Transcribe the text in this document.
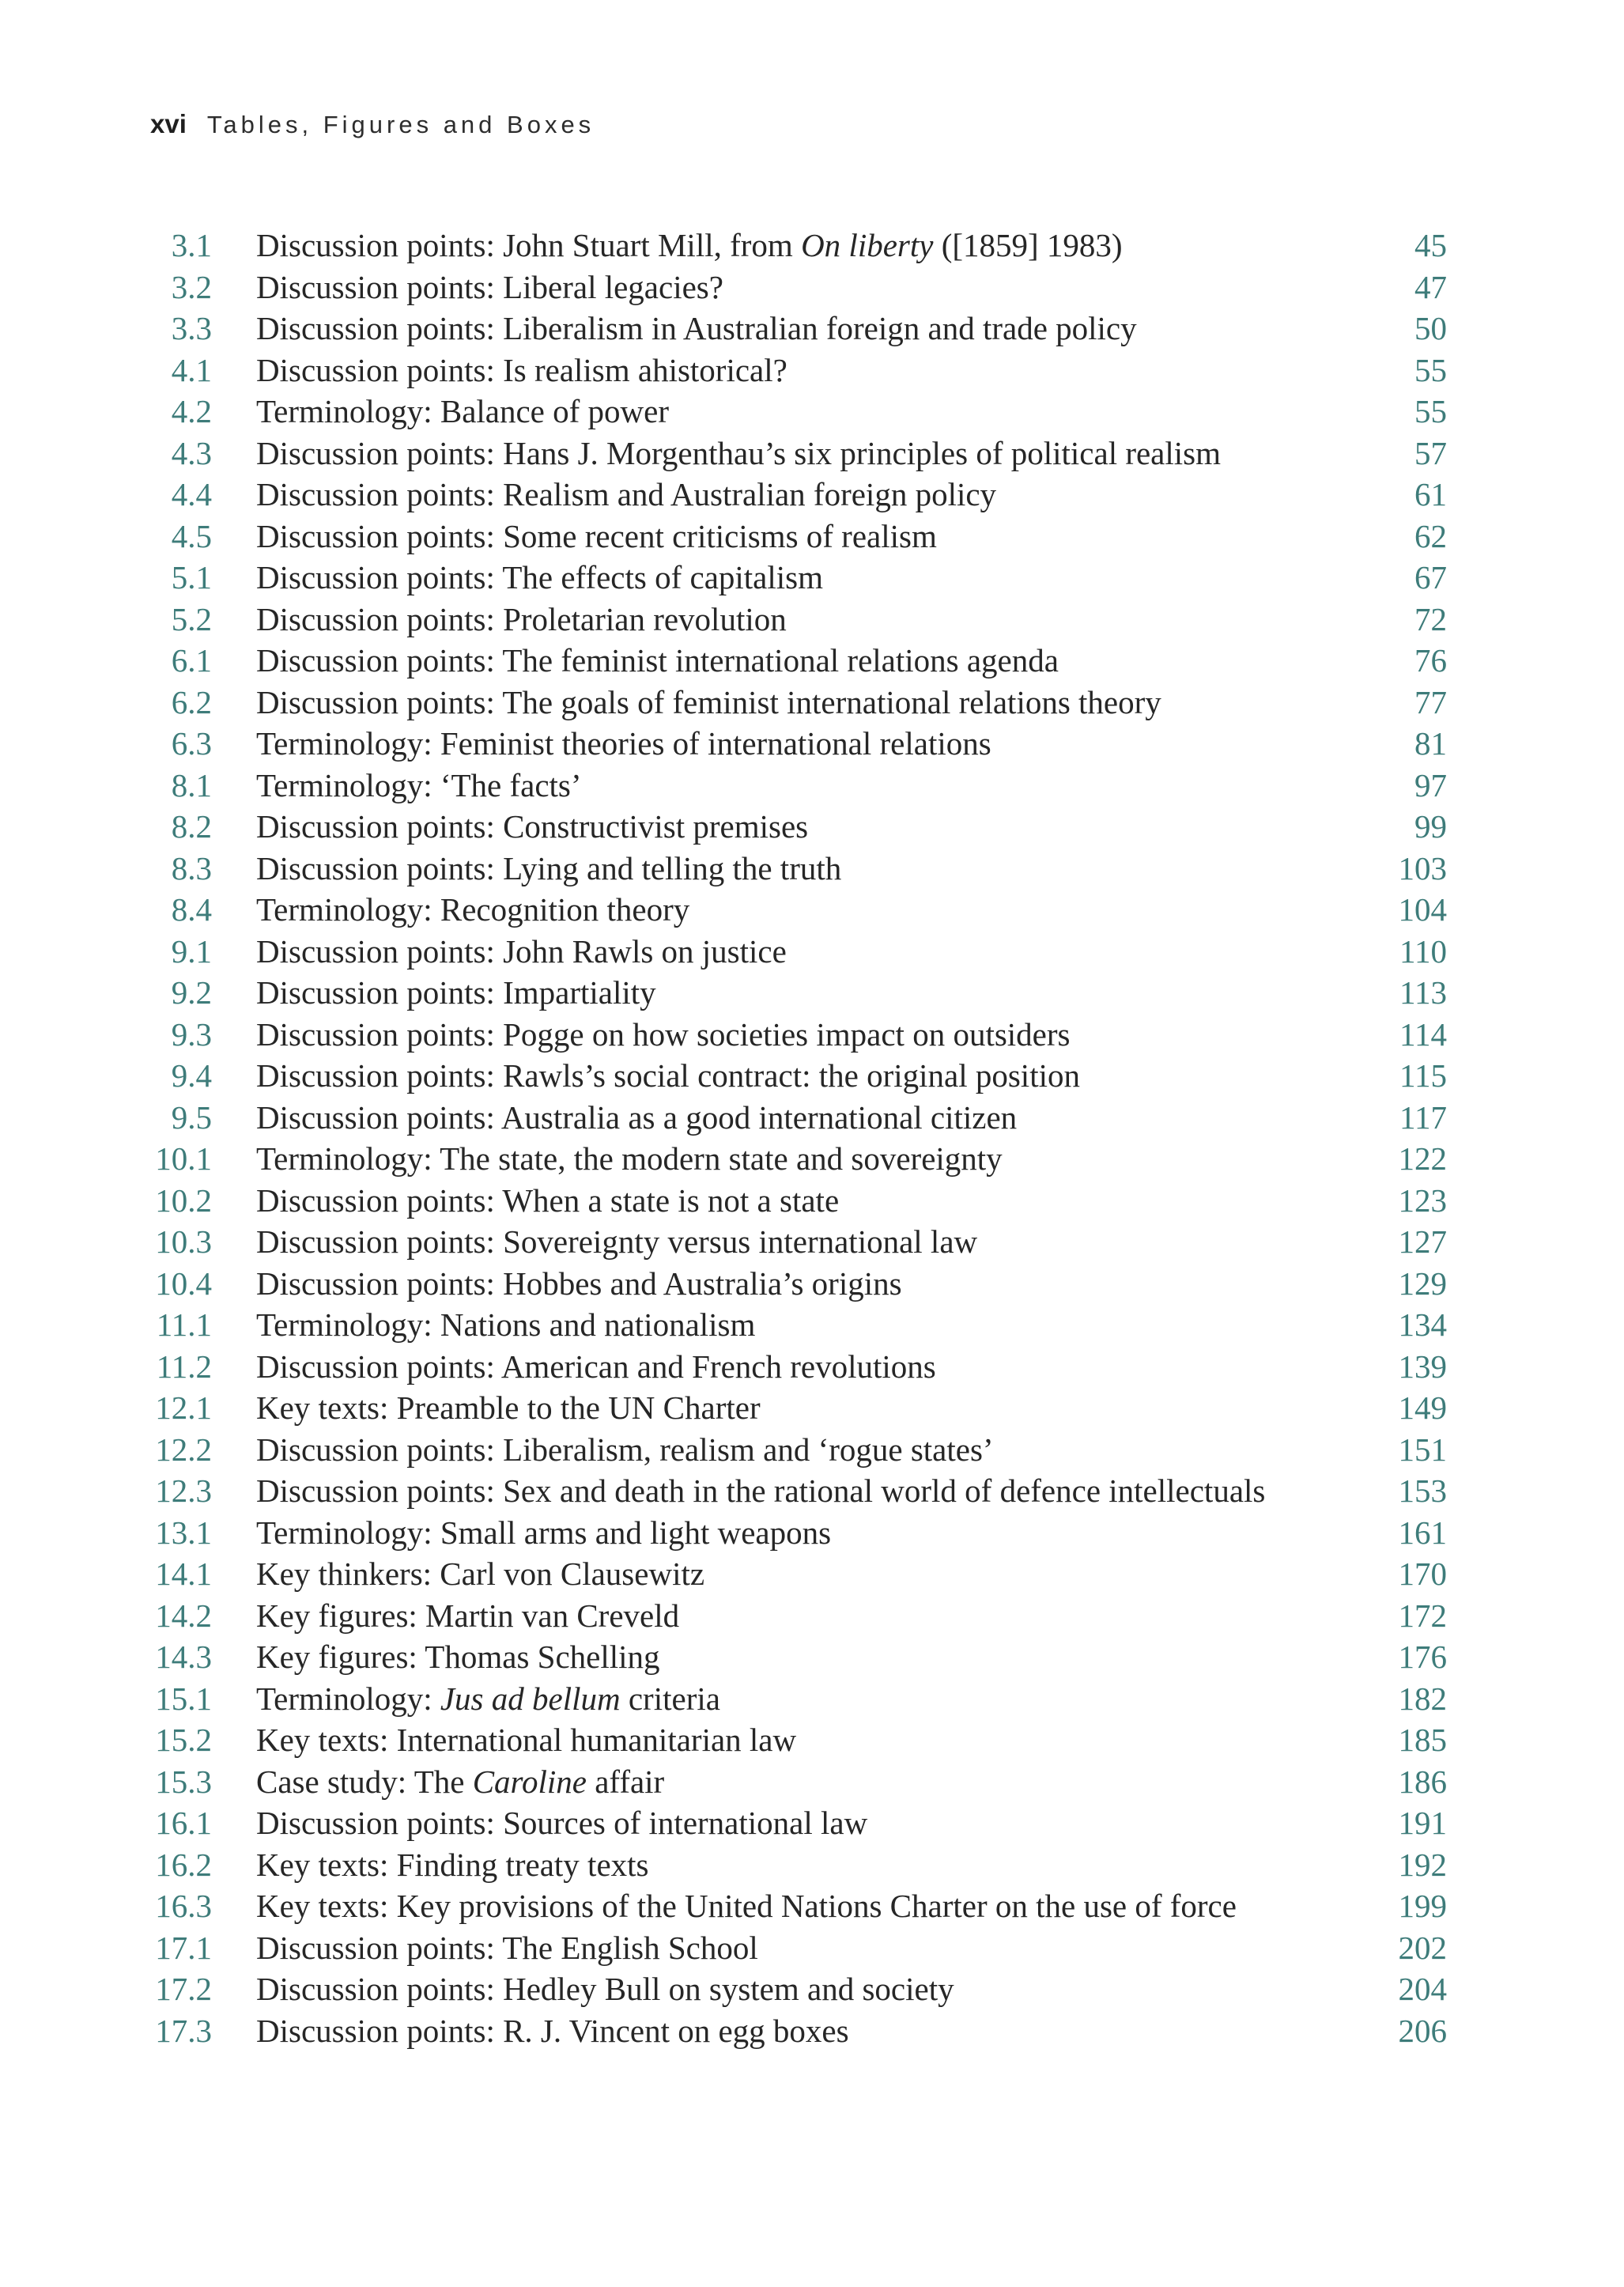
xvi Tables, Figures and Boxes
3.1	Discussion points: John Stuart Mill, from On liberty ([1859] 1983)	45
3.2	Discussion points: Liberal legacies?	47
3.3	Discussion points: Liberalism in Australian foreign and trade policy	50
4.1	Discussion points: Is realism ahistorical?	55
4.2	Terminology: Balance of power	55
4.3	Discussion points: Hans J. Morgenthau’s six principles of political realism	57
4.4	Discussion points: Realism and Australian foreign policy	61
4.5	Discussion points: Some recent criticisms of realism	62
5.1	Discussion points: The effects of capitalism	67
5.2	Discussion points: Proletarian revolution	72
6.1	Discussion points: The feminist international relations agenda	76
6.2	Discussion points: The goals of feminist international relations theory	77
6.3	Terminology: Feminist theories of international relations	81
8.1	Terminology: ‘The facts’	97
8.2	Discussion points: Constructivist premises	99
8.3	Discussion points: Lying and telling the truth	103
8.4	Terminology: Recognition theory	104
9.1	Discussion points: John Rawls on justice	110
9.2	Discussion points: Impartiality	113
9.3	Discussion points: Pogge on how societies impact on outsiders	114
9.4	Discussion points: Rawls’s social contract: the original position	115
9.5	Discussion points: Australia as a good international citizen	117
10.1	Terminology: The state, the modern state and sovereignty	122
10.2	Discussion points: When a state is not a state	123
10.3	Discussion points: Sovereignty versus international law	127
10.4	Discussion points: Hobbes and Australia’s origins	129
11.1	Terminology: Nations and nationalism	134
11.2	Discussion points: American and French revolutions	139
12.1	Key texts: Preamble to the UN Charter	149
12.2	Discussion points: Liberalism, realism and ‘rogue states’	151
12.3	Discussion points: Sex and death in the rational world of defence intellectuals	153
13.1	Terminology: Small arms and light weapons	161
14.1	Key thinkers: Carl von Clausewitz	170
14.2	Key figures: Martin van Creveld	172
14.3	Key figures: Thomas Schelling	176
15.1	Terminology: Jus ad bellum criteria	182
15.2	Key texts: International humanitarian law	185
15.3	Case study: The Caroline affair	186
16.1	Discussion points: Sources of international law	191
16.2	Key texts: Finding treaty texts	192
16.3	Key texts: Key provisions of the United Nations Charter on the use of force	199
17.1	Discussion points: The English School	202
17.2	Discussion points: Hedley Bull on system and society	204
17.3	Discussion points: R. J. Vincent on egg boxes	206
